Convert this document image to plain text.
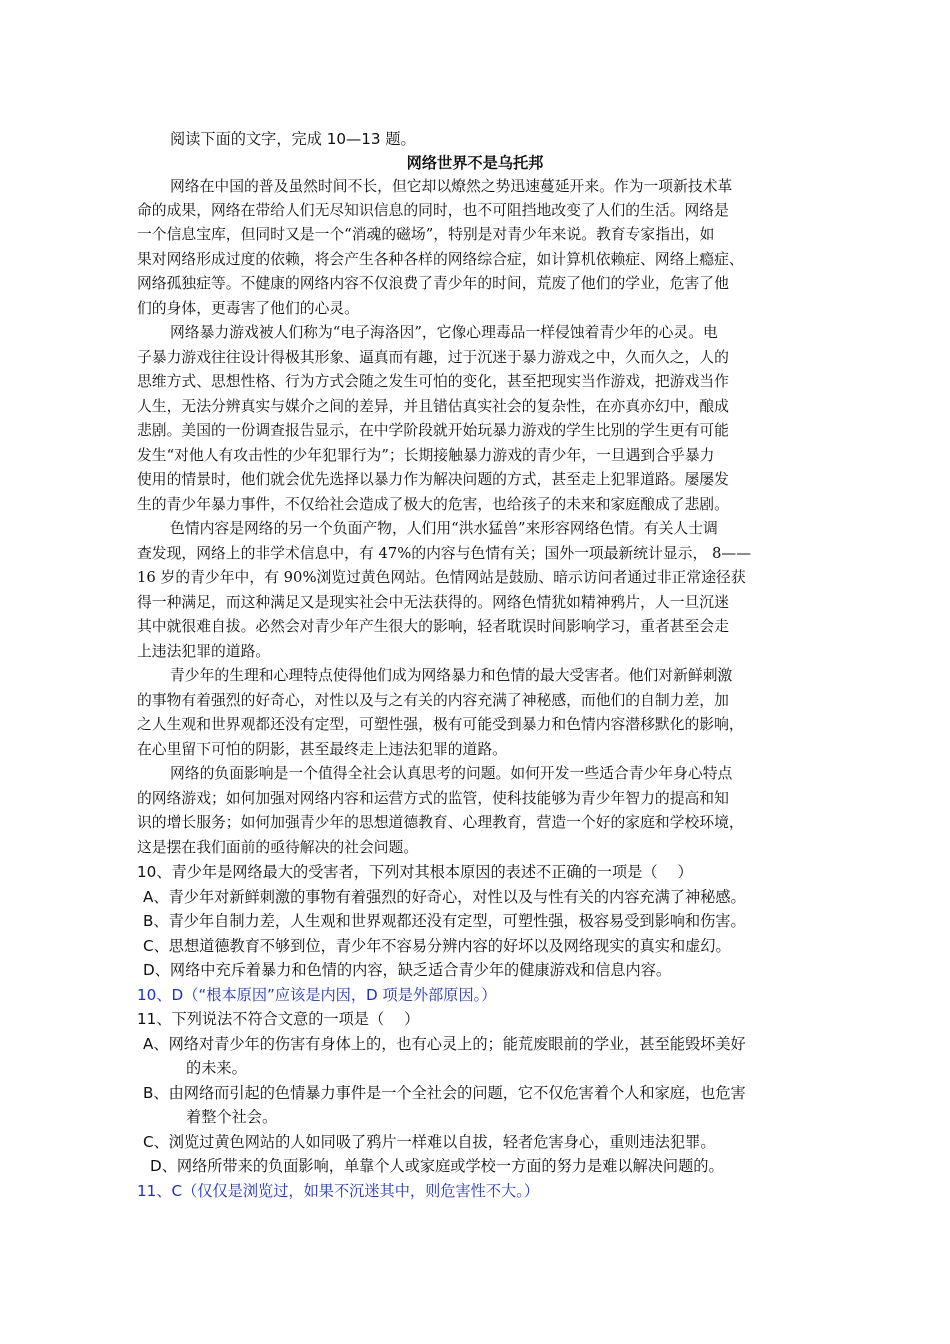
阅读下面的文字，完成 10—13 题。
网络世界不是乌托邦
网络在中国的普及虽然时间不长，但它却以燎然之势迅速蔓延开来。作为一项新技术革
命的成果，网络在带给人们无尽知识信息的同时，也不可阻挡地改变了人们的生活。网络是
一个信息宝库，但同时又是一个“消魂的磁场”，特别是对青少年来说。教育专家指出，如
果对网络形成过度的依赖，将会产生各种各样的网络综合症，如计算机依赖症、网络上瘾症、
网络孤独症等。不健康的网络内容不仅浪费了青少年的时间，荒废了他们的学业，危害了他
们的身体，更毒害了他们的心灵。
网络暴力游戏被人们称为“电子海洛因”，它像心理毒品一样侵蚀着青少年的心灵。电
子暴力游戏往往设计得极其形象、逼真而有趣，过于沉迷于暴力游戏之中，久而久之，人的
思维方式、思想性格、行为方式会随之发生可怕的变化，甚至把现实当作游戏，把游戏当作
人生，无法分辨真实与媒介之间的差异，并且错估真实社会的复杂性，在亦真亦幻中，酿成
悲剧。美国的一份调查报告显示，在中学阶段就开始玩暴力游戏的学生比别的学生更有可能
发生“对他人有攻击性的少年犯罪行为”；长期接触暴力游戏的青少年，一旦遇到合乎暴力
使用的情景时，他们就会优先选择以暴力作为解决问题的方式，甚至走上犯罪道路。屡屡发
生的青少年暴力事件，不仅给社会造成了极大的危害，也给孩子的未来和家庭酿成了悲剧。
色情内容是网络的另一个负面产物，人们用“洪水猛兽”来形容网络色情。有关人士调
查发现，网络上的非学术信息中，有 47%的内容与色情有关；国外一项最新统计显示， 8——
16 岁的青少年中，有 90%浏览过黄色网站。色情网站是鼓励、暗示访问者通过非正常途径获
得一种满足，而这种满足又是现实社会中无法获得的。网络色情犹如精神鸦片，人一旦沉迷
其中就很难自拔。必然会对青少年产生很大的影响，轻者耽误时间影响学习，重者甚至会走
上违法犯罪的道路。
青少年的生理和心理特点使得他们成为网络暴力和色情的最大受害者。他们对新鲜刺激
的事物有着强烈的好奇心，对性以及与之有关的内容充满了神秘感，而他们的自制力差，加
之人生观和世界观都还没有定型，可塑性强，极有可能受到暴力和色情内容潜移默化的影响，
在心里留下可怕的阴影，甚至最终走上违法犯罪的道路。
网络的负面影响是一个值得全社会认真思考的问题。如何开发一些适合青少年身心特点
的网络游戏；如何加强对网络内容和运营方式的监管，使科技能够为青少年智力的提高和知
识的增长服务；如何加强青少年的思想道德教育、心理教育，营造一个好的家庭和学校环境，
这是摆在我们面前的亟待解决的社会问题。
10、青少年是网络最大的受害者，下列对其根本原因的表述不正确的一项是（　 ）
A、青少年对新鲜刺激的事物有着强烈的好奇心，对性以及与性有关的内容充满了神秘感。
B、青少年自制力差，人生观和世界观都还没有定型，可塑性强，极容易受到影响和伤害。
C、思想道德教育不够到位，青少年不容易分辨内容的好坏以及网络现实的真实和虚幻。
D、网络中充斥着暴力和色情的内容，缺乏适合青少年的健康游戏和信息内容。
10、D（“根本原因”应该是内因，D 项是外部原因。）
11、下列说法不符合文意的一项是（　 ）
A、网络对青少年的伤害有身体上的，也有心灵上的；能荒废眼前的学业，甚至能毁坏美好
的未来。
B、由网络而引起的色情暴力事件是一个全社会的问题，它不仅危害着个人和家庭，也危害
着整个社会。
C、浏览过黄色网站的人如同吸了鸦片一样难以自拔，轻者危害身心，重则违法犯罪。
D、网络所带来的负面影响，单靠个人或家庭或学校一方面的努力是难以解决问题的。
11、C（仅仅是浏览过，如果不沉迷其中，则危害性不大。）
